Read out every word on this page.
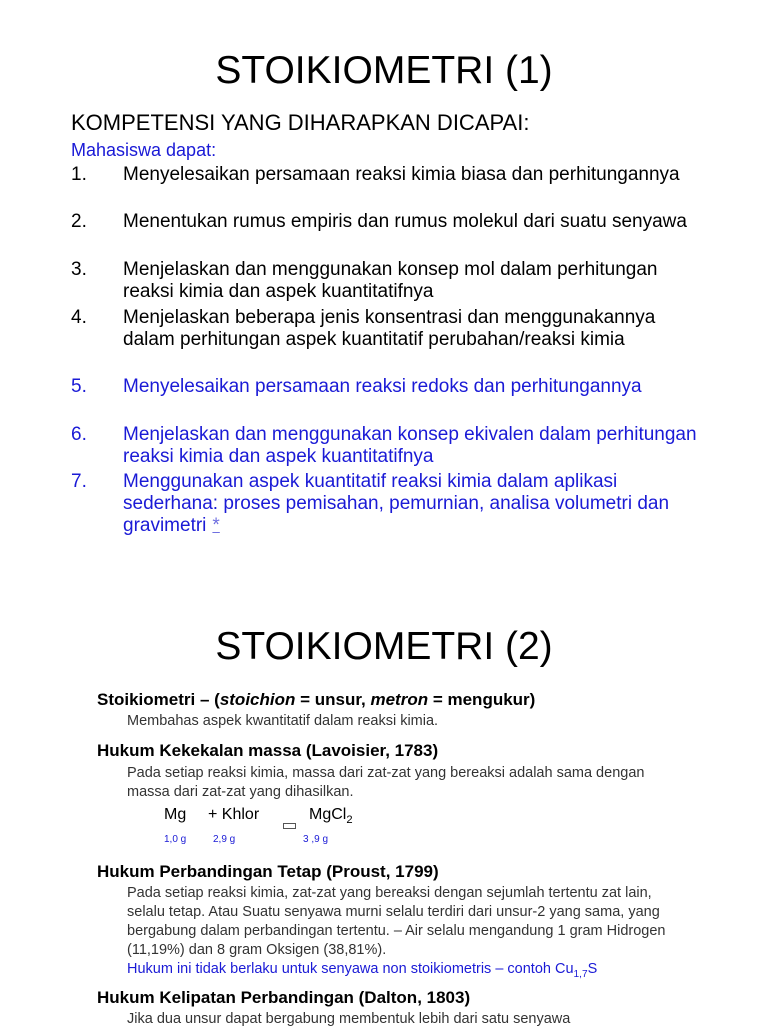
STOIKIOMETRI (1)
KOMPETENSI YANG DIHARAPKAN DICAPAI:
Mahasiswa dapat:
1. Menyelesaikan persamaan reaksi kimia biasa dan perhitungannya
2. Menentukan rumus empiris dan rumus molekul dari suatu senyawa
3. Menjelaskan dan menggunakan konsep mol dalam perhitungan reaksi kimia dan aspek kuantitatifnya
4. Menjelaskan beberapa jenis konsentrasi dan menggunakannya dalam perhitungan aspek kuantitatif perubahan/reaksi kimia
5. Menyelesaikan persamaan reaksi redoks dan perhitungannya
6. Menjelaskan dan menggunakan konsep ekivalen dalam perhitungan reaksi kimia dan aspek kuantitatifnya
7. Menggunakan aspek kuantitatif reaksi kimia dalam aplikasi sederhana: proses pemisahan, pemurnian, analisa volumetri dan gravimetri *
STOIKIOMETRI (2)
Stoikiometri – (stoichion = unsur, metron = mengukur)
Membahas aspek kwantitatif dalam reaksi kimia.
Hukum Kekekalan massa (Lavoisier, 1783)
Pada setiap reaksi kimia, massa dari zat-zat yang bereaksi adalah sama dengan massa dari zat-zat yang dihasilkan.
Mg + Khlor	MgCl$_2$
1,0 g	2,9 g	3 ,9 g
Hukum Perbandingan Tetap (Proust, 1799)
Pada setiap reaksi kimia, zat-zat yang bereaksi dengan sejumlah tertentu zat lain, selalu tetap. Atau Suatu senyawa murni selalu terdiri dari unsur-2 yang sama, yang bergabung dalam perbandingan tertentu. – Air selalu mengandung 1 gram Hidrogen (11,19%) dan 8 gram Oksigen (38,81%).
Hukum ini tidak berlaku untuk senyawa non stoikiometris – contoh $Cu_{1,7}S$
Hukum Kelipatan Perbandingan (Dalton, 1803)
Jika dua unsur dapat bergabung membentuk lebih dari satu senyawa
